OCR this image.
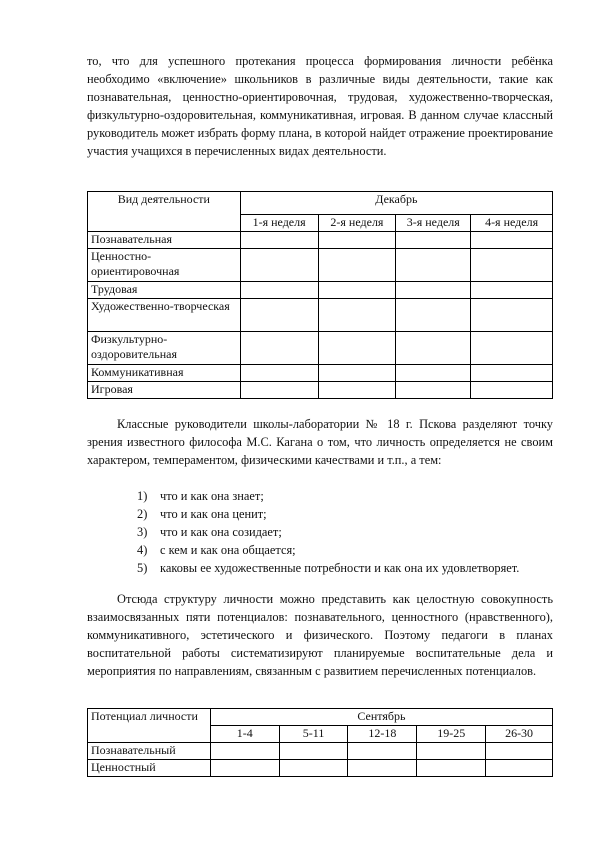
то, что для успешного протекания процесса формирования личности ребёнка необходимо «включение» школьников в различные виды деятельности, такие как познавательная, ценностно-ориентировочная, трудовая, художественно-творческая, физкультурно-оздоровительная, коммуникативная, игровая. В данном случае классный руководитель может избрать форму плана, в которой найдет отражение проектирование участия учащихся в перечисленных видах деятельности.

Вид деятельности	Декабрь			
	1-я неделя	2-я неделя	3-я неделя	4-я неделя
Познавательная				
Ценностно-ориентировочная				
Трудовая				
Художественно-творческая				
Физкультурно-оздоровительная				
Коммуникативная				
Игровая				

Классные руководители школы-лаборатории № 18 г. Пскова разделяют точку зрения известного философа М.С. Кагана о том, что личность определяется не своим характером, темпераментом, физическими качествами и т.п., а тем:

1) что и как она знает;
2) что и как она ценит;
3) что и как она созидает;
4) с кем и как она общается;
5) каковы ее художественные потребности и как она их удовлетворяет.

Отсюда структуру личности можно представить как целостную совокупность взаимосвязанных пяти потенциалов: познавательного, ценностного (нравственного), коммуникативного, эстетического и физического. Поэтому педагоги в планах воспитательной работы систематизируют планируемые воспитательные дела и мероприятия по направлениям, связанным с развитием перечисленных потенциалов.

Потенциал личности	Сентябрь				
	1-4	5-11	12-18	19-25	26-30
Познавательный					
Ценностный					
